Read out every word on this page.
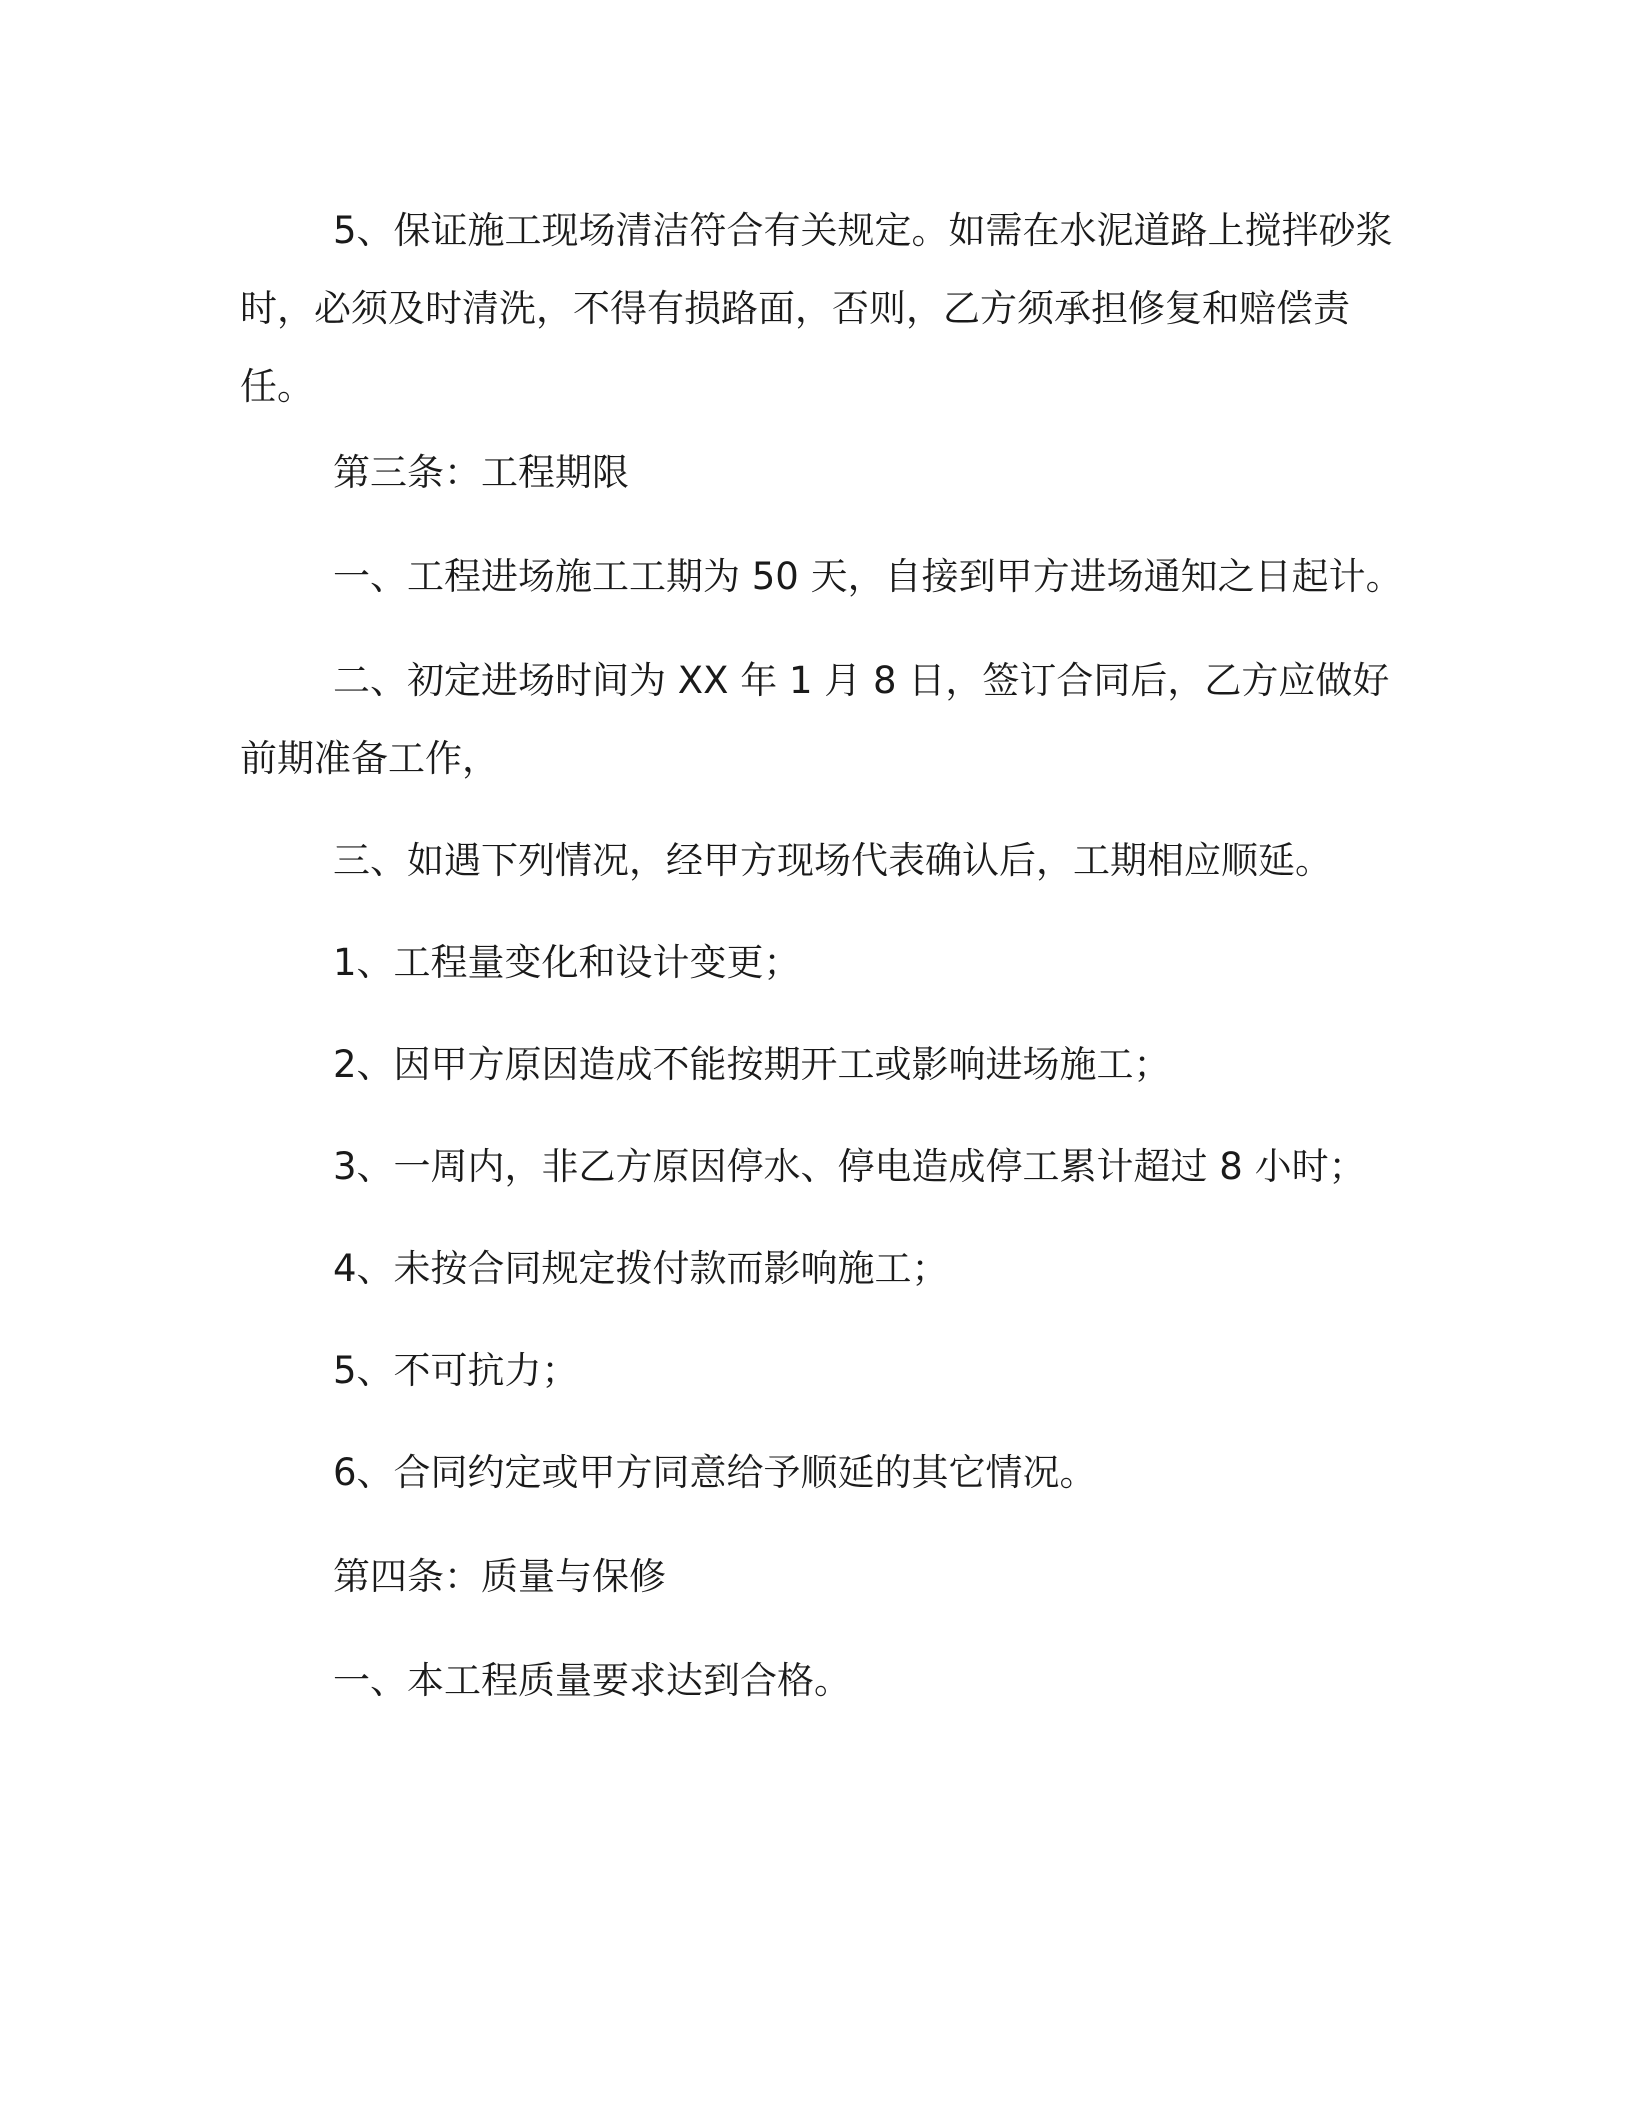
5、保证施工现场清洁符合有关规定。如需在水泥道路上搅拌砂浆时，必须及时清洗，不得有损路面，否则，乙方须承担修复和赔偿责任。

第三条：工程期限

一、工程进场施工工期为 50 天，自接到甲方进场通知之日起计。

二、初定进场时间为 XX 年 1 月 8 日，签订合同后，乙方应做好前期准备工作，

三、如遇下列情况，经甲方现场代表确认后，工期相应顺延。

1、工程量变化和设计变更；

2、因甲方原因造成不能按期开工或影响进场施工；

3、一周内，非乙方原因停水、停电造成停工累计超过 8 小时；

4、未按合同规定拨付款而影响施工；

5、不可抗力；

6、合同约定或甲方同意给予顺延的其它情况。

第四条：质量与保修

一、本工程质量要求达到合格。
